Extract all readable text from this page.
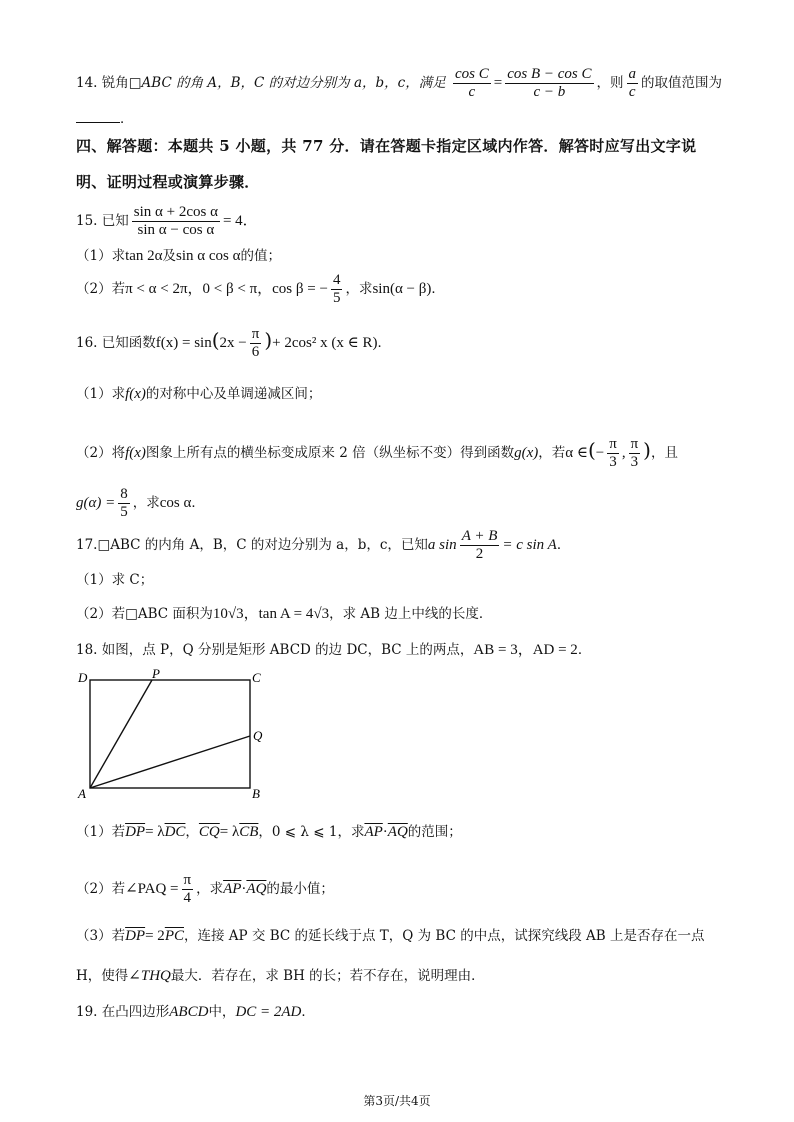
14. 锐角□ABC 的角 A，B，C 的对边分别为 a，b，c，满足 $\frac{\text{cos C}}{c} = \frac{\text{cos B − cos C}}{c - b}$ ，则 $\frac{a}{c}$ 的取值范围为
．
四、解答题：本题共 5 小题，共 77 分．请在答题卡指定区域内作答．解答时应写出文字说
明、证明过程或演算步骤．
15. 已知 $\frac{\text{sin α + 2cos α}}{\text{sin α − cos α}} = 4$．
（1）求tan 2α及sin α cos α的值；
（2）若π < α < 2π，0 < β < π，cos β = − $\frac{4}{5}$ ，求sin(α − β)．
16. 已知函数$f(x) = \sin(2x - \frac{\pi}{6}$ )+ 2cos² x (x ∈ R)．
（1）求f(x)的对称中心及单调递减区间；
（2）将f(x)图象上所有点的横坐标变成原来 2 倍（纵坐标不变）得到函数g(x)，若α ∈(− $\frac{\pi}{3}$ , $\frac{\pi}{3}$ )，且
$g(\alpha) = \frac{8}{5}$ ，求cos α．
17.□ABC 的内角 A，B，C 的对边分别为 a，b，c，已知a $\sin \frac{A + B}{2} = c$ sin A．
（1）求 C；
（2）若□ABC 面积为10√3，tan A = 4√3，求 AB 边上中线的长度．
18. 如图，点 P，Q 分别是矩形 ABCD 的边 DC，BC 上的两点，AB = 3，AD = 2．
D	P	C
Q
A	B
（1）若$\overline{DP}= \lambda\overline{DC}$，$\overline{CQ}= \lambda\overline{CB}$，0 ⩽ λ ⩽ 1，求$\overline{AP}\cdot\overline{AQ}$的范围；
（2）若∠PAQ = $\frac{\pi}{4}$ ，求$\overline{AP}\cdot\overline{AQ}$的最小值；
（3）若$\overline{DP}= 2\overline{PC}$，连接 AP 交 BC 的延长线于点 T，Q 为 BC 的中点，试探究线段 AB 上是否存在一点
H，使得∠THQ最大．若存在，求 BH 的长；若不存在，说明理由．
19. 在凸四边形ABCD中，DC = 2AD．
第3页/共4页
